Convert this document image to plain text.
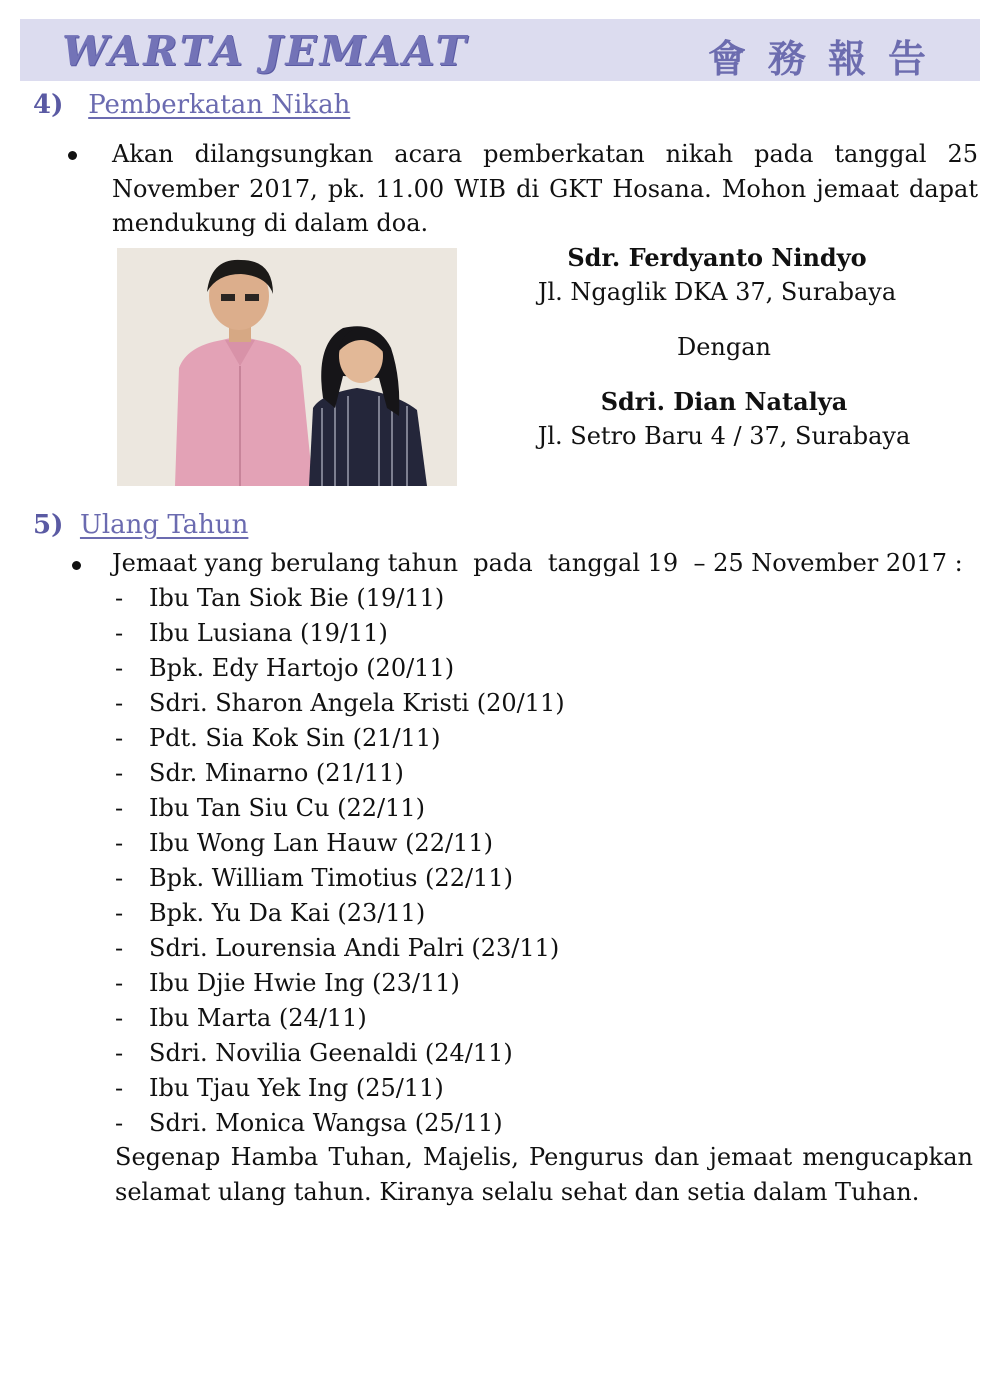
WARTA JEMAAT	會務報告
4) Pemberkatan Nikah

Akan dilangsungkan acara pemberkatan nikah pada tanggal 25 November 2017, pk. 11.00 WIB di GKT Hosana. Mohon jemaat dapat mendukung di dalam doa.

Sdr. Ferdyanto Nindyo
Jl. Ngaglik DKA 37, Surabaya
Dengan
Sdri. Dian Natalya
Jl. Setro Baru 4 / 37, Surabaya
5) Ulang Tahun
Jemaat yang berulang tahun  pada  tanggal 19  – 25 November 2017 :
- Ibu Tan Siok Bie (19/11)
- Ibu Lusiana (19/11)
- Bpk. Edy Hartojo (20/11)
- Sdri. Sharon Angela Kristi (20/11)
- Pdt. Sia Kok Sin (21/11)
- Sdr. Minarno (21/11)
- Ibu Tan Siu Cu (22/11)
- Ibu Wong Lan Hauw (22/11)
- Bpk. William Timotius (22/11)
- Bpk. Yu Da Kai (23/11)
- Sdri. Lourensia Andi Palri (23/11)
- Ibu Djie Hwie Ing (23/11)
- Ibu Marta (24/11)
- Sdri. Novilia Geenaldi (24/11)
- Ibu Tjau Yek Ing (25/11)
- Sdri. Monica Wangsa (25/11)

Segenap Hamba Tuhan, Majelis, Pengurus dan jemaat mengucapkan selamat ulang tahun. Kiranya selalu sehat dan setia dalam Tuhan.
